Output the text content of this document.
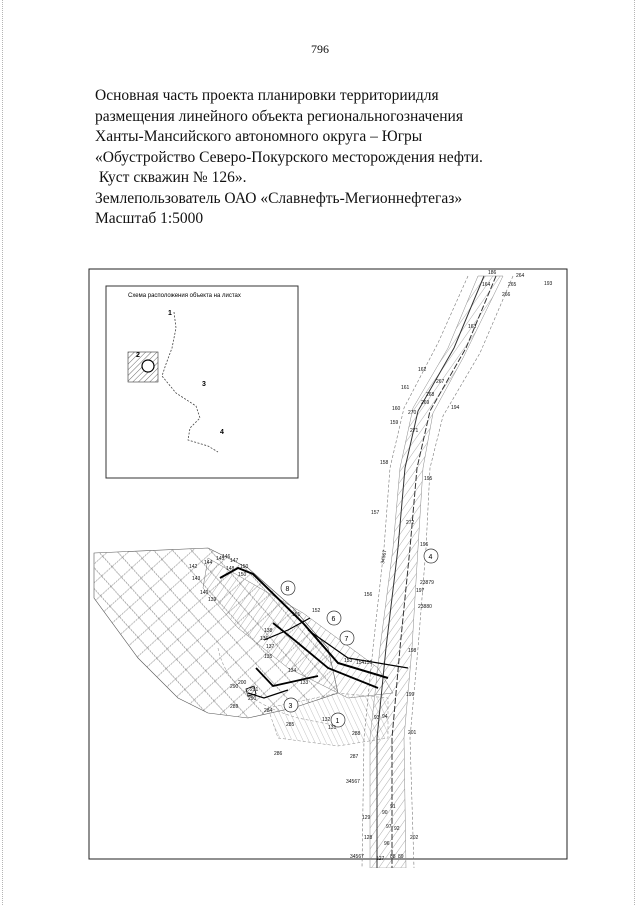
796
Основная часть проекта планировки территориидля
размещения линейного объекта региональногозначения
Ханты-Мансийского автономного округа – Югры
«Обустройство Северо-Покурского месторождения нефти.
Куст скважин № 126».
Землепользователь ОАО «Славнефть-Мегионнефтегаз»
Масштаб 1:5000
Схема расположения объекта на листах
1
2
3
4
1
3
4
6
7
8
186	264
164	265	193
266
163
162
267
161
268
160
269
194
159
270
271
158
195
157
272
196
34567
23879
197
156
23880
198
142
144
145
146
147
143
148
150
140
139
151
152
138
136
137
135
134
153 154 155
133
200
291
290
289
284
199
285
132
131
93 94
286
288	201
287
34567
129
90
91
92
128
97
202
96
34567 127 88 89
290
150
